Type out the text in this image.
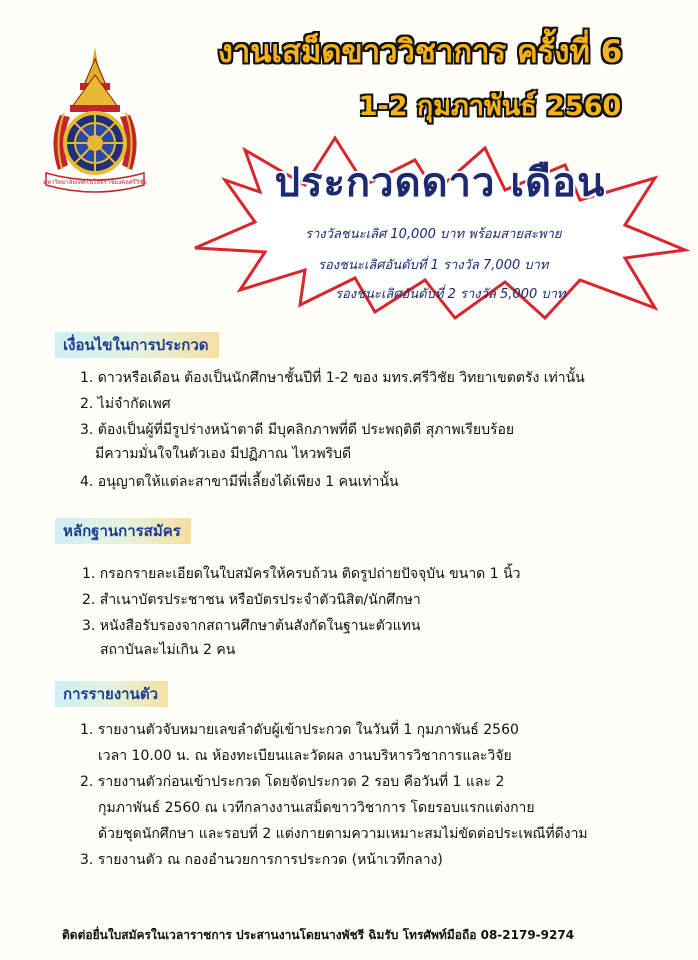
มหาวิทยาลัยเทคโนโลยีราชมงคลศรีวิชัย
งานเสม็ดขาววิชาการ ครั้งที่ 6
1-2 กุมภาพันธ์ 2560
ประกวดดาว เดือน
รางวัลชนะเลิศ 10,000 บาท พร้อมสายสะพาย
รองชนะเลิศอันดับที่ 1 รางวัล 7,000 บาท
รองชนะเลิศอันดับที่ 2 รางวัล 5,000 บาท
เงื่อนไขในการประกวด
1. ดาวหรือเดือน ต้องเป็นนักศึกษาชั้นปีที่ 1-2 ของ มทร.ศรีวิชัย วิทยาเขตตรัง เท่านั้น
2. ไม่จำกัดเพศ
3. ต้องเป็นผู้ที่มีรูปร่างหน้าตาดี มีบุคลิกภาพที่ดี ประพฤติดี สุภาพเรียบร้อย
มีความมั่นใจในตัวเอง มีปฏิภาณ ไหวพริบดี
4. อนุญาตให้แต่ละสาขามีพี่เลี้ยงได้เพียง 1 คนเท่านั้น
หลักฐานการสมัคร
1. กรอกรายละเอียดในใบสมัครให้ครบถ้วน ติดรูปถ่ายปัจจุบัน ขนาด 1 นิ้ว
2. สำเนาบัตรประชาชน หรือบัตรประจำตัวนิสิต/นักศึกษา
3. หนังสือรับรองจากสถานศึกษาต้นสังกัดในฐานะตัวแทน
สถาบันละไม่เกิน 2 คน
การรายงานตัว
1. รายงานตัวจับหมายเลขลำดับผู้เข้าประกวด ในวันที่ 1 กุมภาพันธ์ 2560
เวลา 10.00 น. ณ ห้องทะเบียนและวัดผล งานบริหารวิชาการและวิจัย
2. รายงานตัวก่อนเข้าประกวด โดยจัดประกวด 2 รอบ คือวันที่ 1 และ 2
กุมภาพันธ์ 2560 ณ เวทีกลางงานเสม็ดขาววิชาการ โดยรอบแรกแต่งกาย
ด้วยชุดนักศึกษา และรอบที่ 2 แต่งกายตามความเหมาะสมไม่ขัดต่อประเพณีที่ดีงาม
3. รายงานตัว ณ กองอำนวยการการประกวด (หน้าเวทีกลาง)
ติดต่อยื่นใบสมัครในเวลาราชการ ประสานงานโดยนางพัชรี ฉิมรับ โทรศัพท์มือถือ 08-2179-9274
